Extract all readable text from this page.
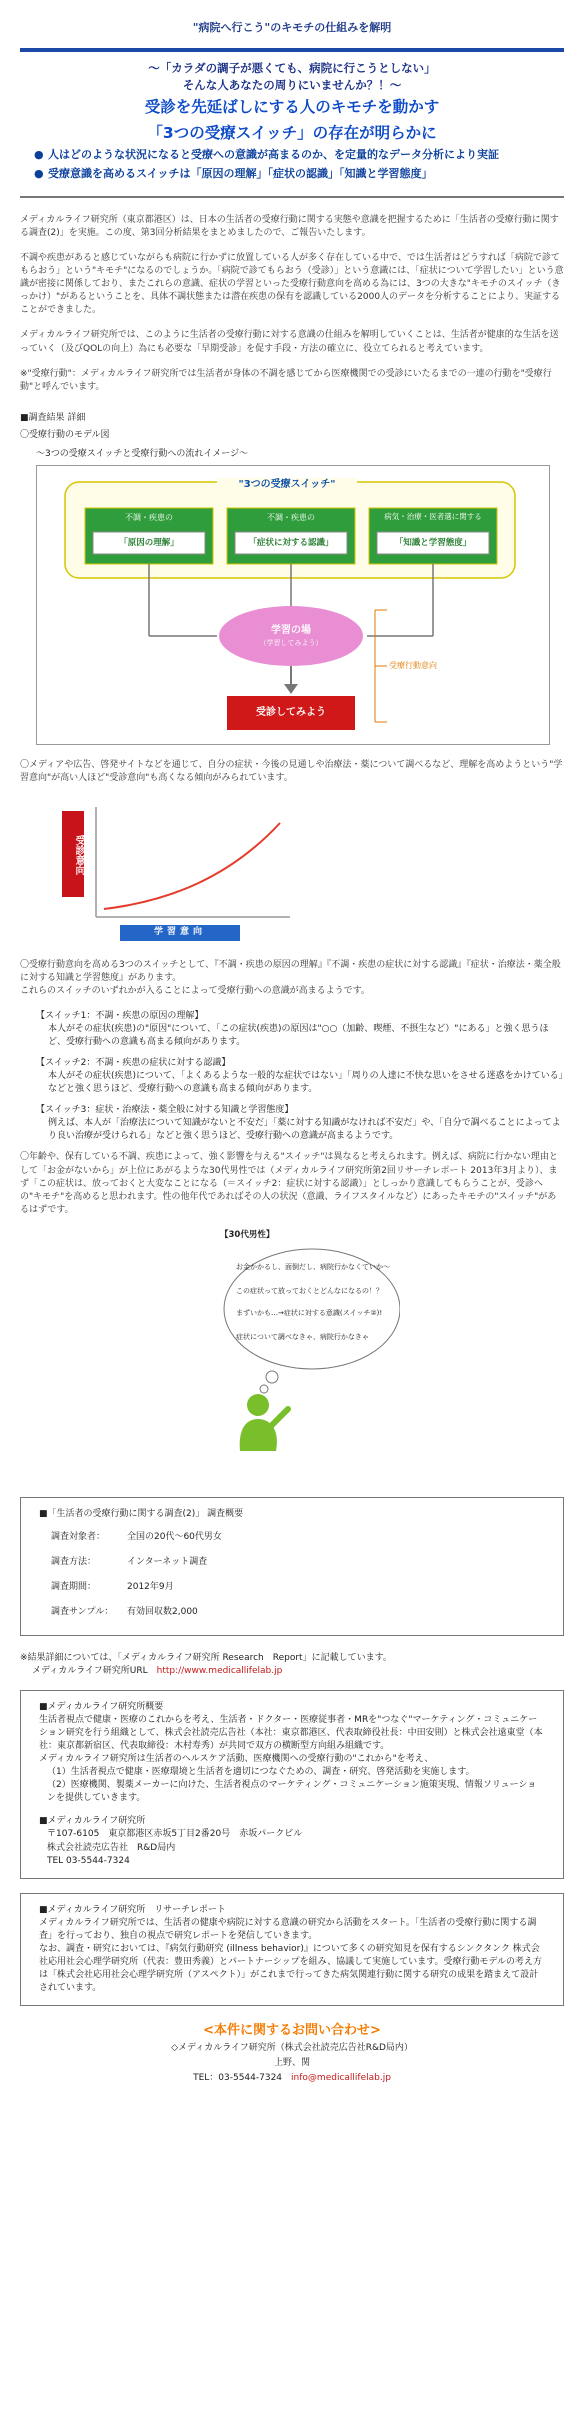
"病院へ行こう"のキモチの仕組みを解明

～「カラダの調子が悪くても、病院に行こうとしない」

そんな人あなたの周りにいませんか？！～

受診を先延ばしにする人のキモチを動かす

「3つの受療スイッチ」の存在が明らかに

● 人はどのような状況になると受療への意識が高まるのか、を定量的なデータ分析により実証
● 受療意識を高めるスイッチは「原因の理解」「症状の認識」「知識と学習態度」

メディカルライフ研究所（東京都港区）は、日本の生活者の受療行動に関する実態や意識を把握するために「生活者の受療行動に関する調査(2)」を実施。この度、第3回分析結果をまとめましたので、ご報告いたします。

不調や疾患があると感じていながらも病院に行かずに放置している人が多く存在している中で、では生活者はどうすれば「病院で診てもらおう」という"キモチ"になるのでしょうか。「病院で診てもらおう（受診）」という意識には、「症状について学習したい」という意識が密接に関係しており、またこれらの意識、症状の学習といった受療行動意向を高める為には、3つの大きな"キモチのスイッチ（きっかけ）"があるということを、具体不調状態または潜在疾患の保有を認識している2000人のデータを分析することにより、実証することができました。

メディカルライフ研究所では、このように生活者の受療行動に対する意識の仕組みを解明していくことは、生活者が健康的な生活を送っていく（及びQOLの向上）為にも必要な「早期受診」を促す手段・方法の確立に、役立てられると考えています。

※"受療行動"：メディカルライフ研究所では生活者が身体の不調を感じてから医療機関での受診にいたるまでの一連の行動を"受療行動"と呼んでいます。

■調査結果 詳細
〇受療行動のモデル図
～3つの受療スイッチと受療行動への流れイメージ～
"3つの受療スイッチ"
不調・疾患の
「原因の理解」
不調・疾患の
「症状に対する認識」
病気・治療・医者選に関する
「知識と学習態度」
学習の場
（学習してみよう）
受診してみよう
受療行動意向

〇メディアや広告、啓発サイトなどを通じて、自分の症状・今後の見通しや治療法・薬について調べるなど、理解を高めようという"学習意向"が高い人ほど"受診意向"も高くなる傾向がみられています。

受診意向
学習意向

〇受療行動意向を高める3つのスイッチとして、『不調・疾患の原因の理解』『不調・疾患の症状に対する認識』『症状・治療法・薬全般に対する知識と学習態度』があります。
これらのスイッチのいずれかが入ることによって受療行動への意識が高まるようです。

【スイッチ1：不調・疾患の原因の理解】
本人がその症状(疾患)の"原因"について、「この症状(疾患)の原因は"○○（加齢、喫煙、不摂生など）"にある」と強く思うほど、受療行動への意識も高まる傾向があります。
【スイッチ2：不調・疾患の症状に対する認識】
本人がその症状(疾患)について、「よくあるような一般的な症状ではない」「周りの人達に不快な思いをさせる迷惑をかけている」などと強く思うほど、受療行動への意識も高まる傾向があります。
【スイッチ3：症状・治療法・薬全般に対する知識と学習態度】
例えば、本人が「治療法について知識がないと不安だ」「薬に対する知識がなければ不安だ」や、「自分で調べることによってより良い治療が受けられる」などと強く思うほど、受療行動への意識が高まるようです。

〇年齢や、保有している不調、疾患によって、強く影響を与える"スイッチ"は異なると考えられます。例えば、病院に行かない理由として「お金がないから」が上位にあがるような30代男性では（メディカルライフ研究所第2回リサーチレポート 2013年3月より）、まず「この症状は、放っておくと大変なことになる（＝スイッチ2：症状に対する認識）」としっかり意識してもらうことが、受診への"キモチ"を高めると思われます。性の他年代であればその人の状況（意識、ライフスタイルなど）にあったキモチの"スイッチ"があるはずです。

【30代男性】
お金かかるし、面倒だし、病院行かなくていか～
この症状って放っておくとどんなになるの！？
まずいかも…→症状に対する意識(スイッチ②)!
症状について調べなきゃ、病院行かなきゃ
■「生活者の受療行動に関する調査(2)」 調査概要
調査対象者：	全国の20代～60代男女
調査方法：	インターネット調査
調査期間：	2012年9月
調査サンプル：	有効回収数2,000
※結果詳細については、「メディカルライフ研究所 Research　Report」に記載しています。
メディカルライフ研究所URL　http://www.medicallifelab.jp
■メディカルライフ研究所概要
生活者視点で健康・医療のこれからを考え、生活者・ドクター・医療従事者・MRを"つなぐ"マーケティング・コミュニケーション研究を行う組織として、株式会社読売広告社（本社：東京都港区、代表取締役社長：中田安則）と株式会社遠東堂（本社：東京都新宿区、代表取締役：木村寿秀）が共同で双方の横断型方向組み組織です。
メディカルライフ研究所は生活者のヘルスケア活動、医療機関への受療行動の"これから"を考え、
（1）生活者視点で健康・医療環境と生活者を適切につなぐための、調査・研究、啓発活動を実施します。
（2）医療機関、製薬メーカーに向けた、生活者視点のマーケティング・コミュニケーション施策実現、情報ソリューションを提供していきます。
■メディカルライフ研究所
〒107-6105　東京都港区赤坂5丁目2番20号　赤坂パークビル
株式会社読売広告社　R&D局内
TEL 03-5544-7324
■メディカルライフ研究所　リサーチレポート
メディカルライフ研究所では、生活者の健康や病院に対する意識の研究から活動をスタート。「生活者の受療行動に関する調査」を行っており、独自の視点で研究レポートを発信していきます。
なお、調査・研究においては、『病気行動研究 (illness behavior)』について多くの研究知見を保有するシンクタンク 株式会社応用社会心理学研究所（代表：豊田秀義）とパートナーシップを組み、協議して実施しています。受療行動モデルの考え方は「株式会社応用社会心理学研究所（アスペクト）」がこれまで行ってきた病気関連行動に関する研究の成果を踏まえて設計されています。
<本件に関するお問い合わせ>
◇メディカルライフ研究所（株式会社読売広告社R&D局内）
上野、関
TEL：03-5544-7324　info@medicallifelab.jp
